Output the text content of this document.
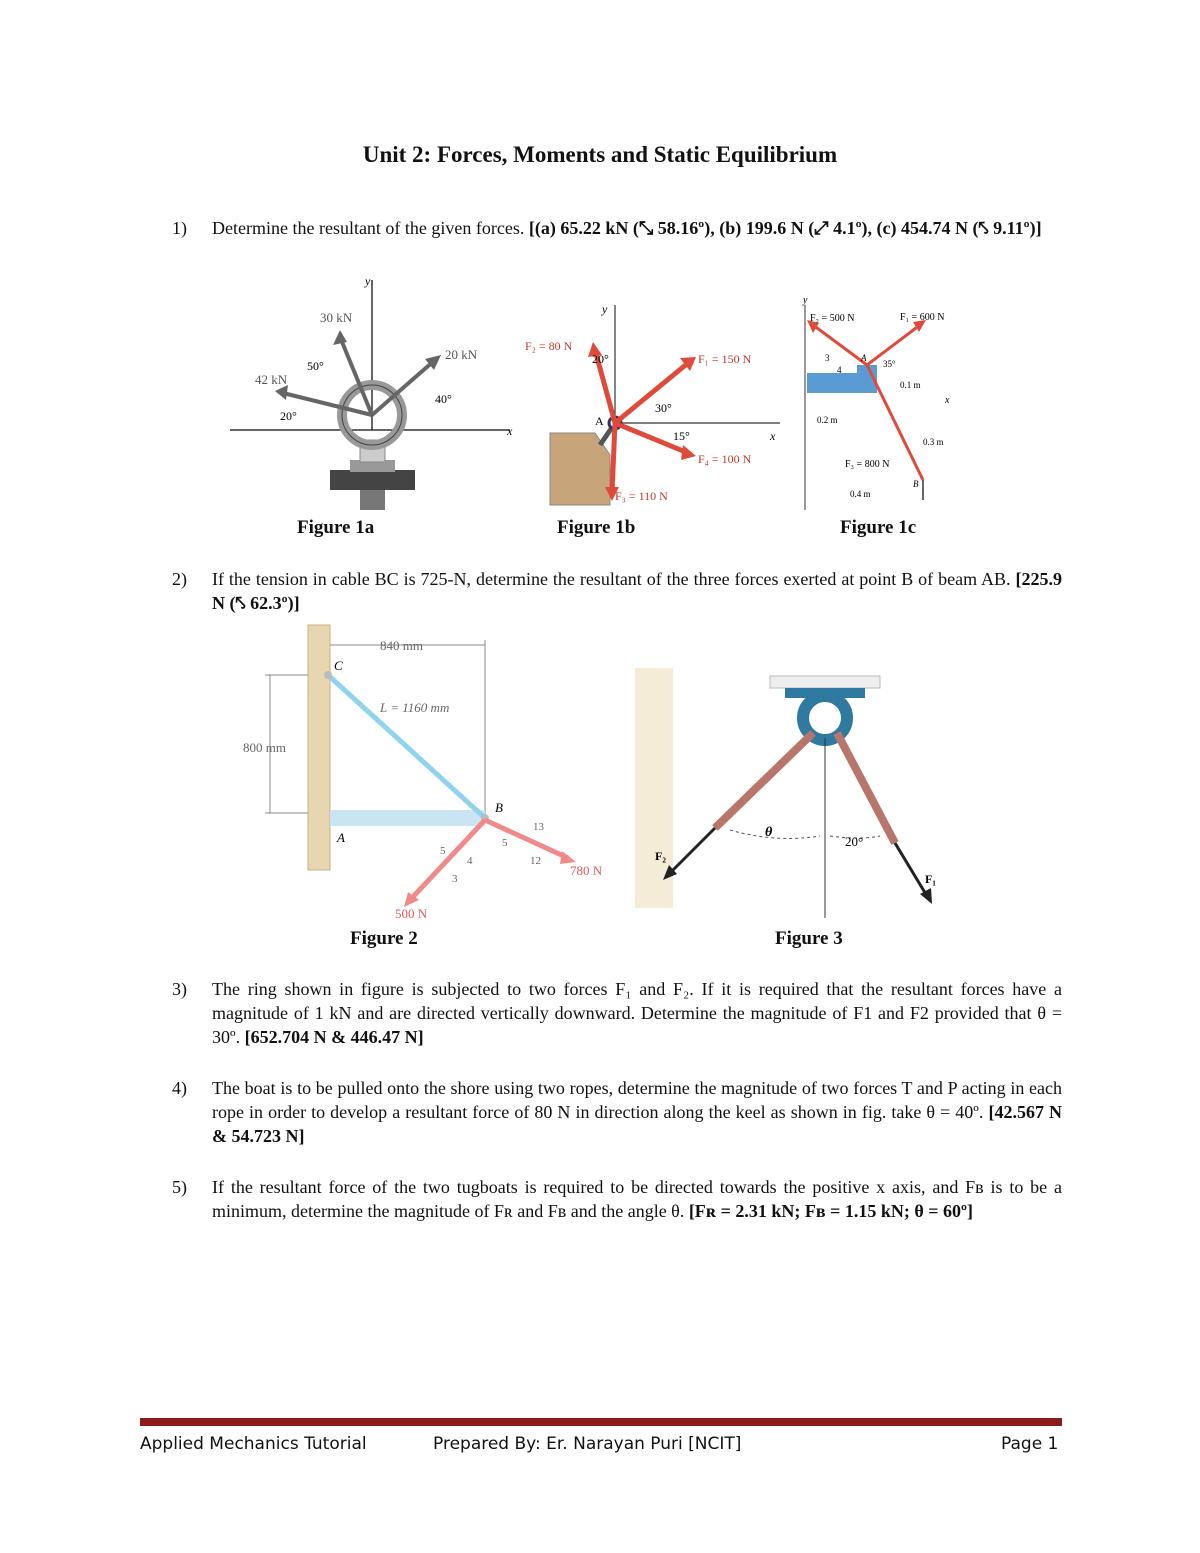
Unit 2: Forces, Moments and Static Equilibrium
1) Determine the resultant of the given forces. [(a) 65.22 kN (⤡ 58.16º), (b) 199.6 N (⤢ 4.1º), (c) 454.74 N (⤣ 9.11º)]
x
y
30 kN
20 kN
42 kN
50°
40°
20°
Figure 1a
x
y
F₁ = 150 N
F₂ = 80 N
F₃ = 110 N
F₄ = 100 N
20°
30°
15°
A
Figure 1b
y
x
F₂ = 500 N	F₁ = 600 N
F₃ = 800 N
0.2 m
0.1 m
0.3 m
0.4 m
35°
3
4
A
B
Figure 1c
2) If the tension in cable BC is 725-N, determine the resultant of the three forces exerted at point B of beam AB. [225.9 N (⤣ 62.3º)]
840 mm
800 mm
L = 1160 mm
C
B
A
500 N
780 N
5
4
3
13
5
12
Figure 2
θ
20°
F₂
F₁
Figure 3
3) The ring shown in figure is subjected to two forces F₁ and F₂. If it is required that the resultant forces have a magnitude of 1 kN and are directed vertically downward. Determine the magnitude of F1 and F2 provided that θ = 30º. [652.704 N & 446.47 N]
4) The boat is to be pulled onto the shore using two ropes, determine the magnitude of two forces T and P acting in each rope in order to develop a resultant force of 80 N in direction along the keel as shown in fig. take θ = 40º. [42.567 N & 54.723 N]
5) If the resultant force of the two tugboats is required to be directed towards the positive x axis, and Fʙ is to be a minimum, determine the magnitude of Fʀ and Fʙ and the angle θ. [Fʀ = 2.31 kN; Fʙ = 1.15 kN; θ = 60º]
Applied Mechanics Tutorial	Prepared By: Er. Narayan Puri [NCIT]	Page 1
